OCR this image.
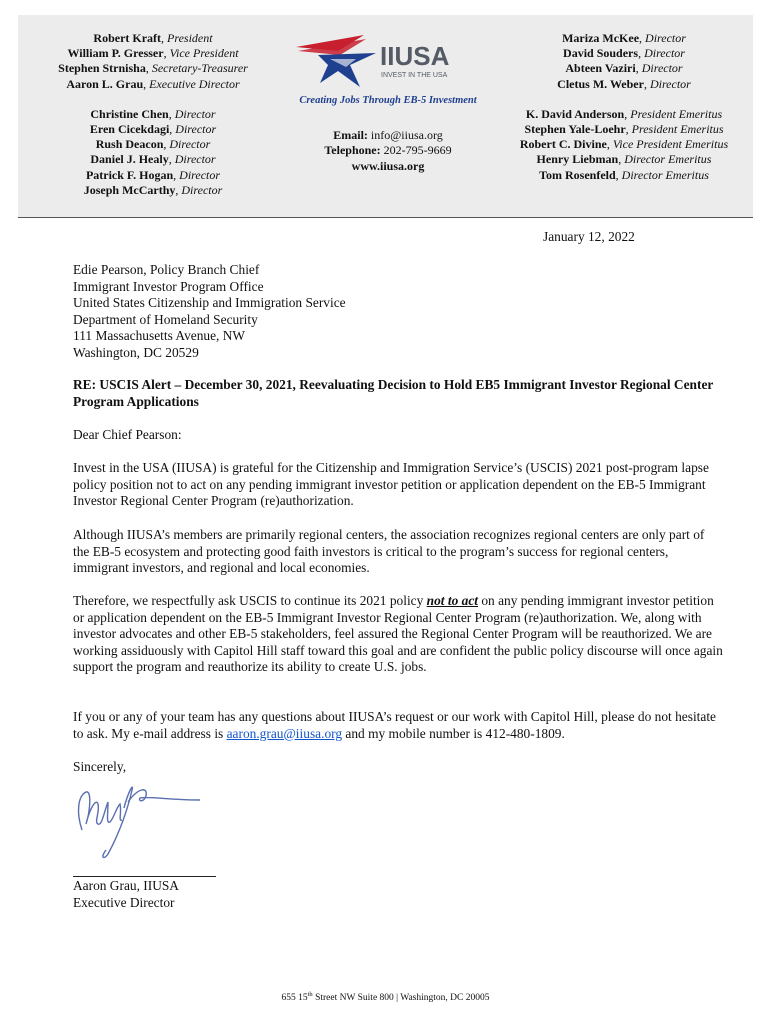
Robert Kraft, President
William P. Gresser, Vice President
Stephen Strnisha, Secretary-Treasurer
Aaron L. Grau, Executive Director
Christine Chen, Director
Eren Cicekdagi, Director
Rush Deacon, Director
Daniel J. Healy, Director
Patrick F. Hogan, Director
Joseph McCarthy, Director
IIUSA
INVEST IN THE USA
Creating Jobs Through EB-5 Investment
Email: info@iiusa.org
Telephone: 202-795-9669
www.iiusa.org
Mariza McKee, Director
David Souders, Director
Abteen Vaziri, Director
Cletus M. Weber, Director
K. David Anderson, President Emeritus
Stephen Yale-Loehr, President Emeritus
Robert C. Divine, Vice President Emeritus
Henry Liebman, Director Emeritus
Tom Rosenfeld, Director Emeritus
January 12, 2022
Edie Pearson, Policy Branch Chief
Immigrant Investor Program Office
United States Citizenship and Immigration Service
Department of Homeland Security
111 Massachusetts Avenue, NW
Washington, DC 20529
RE: USCIS Alert – December 30, 2021, Reevaluating Decision to Hold EB5 Immigrant Investor Regional Center Program Applications
Dear Chief Pearson:

Invest in the USA (IIUSA) is grateful for the Citizenship and Immigration Service’s (USCIS) 2021 post-program lapse policy position not to act on any pending immigrant investor petition or application dependent on the EB-5 Immigrant Investor Regional Center Program (re)authorization.

Although IIUSA’s members are primarily regional centers, the association recognizes regional centers are only part of the EB-5 ecosystem and protecting good faith investors is critical to the program’s success for regional centers, immigrant investors, and regional and local economies.

Therefore, we respectfully ask USCIS to continue its 2021 policy not to act on any pending immigrant investor petition or application dependent on the EB-5 Immigrant Investor Regional Center Program (re)authorization. We, along with investor advocates and other EB-5 stakeholders, feel assured the Regional Center Program will be reauthorized. We are working assiduously with Capitol Hill staff toward this goal and are confident the public policy discourse will once again support the program and reauthorize its ability to create U.S. jobs.

If you or any of your team has any questions about IIUSA’s request or our work with Capitol Hill, please do not hesitate to ask. My e-mail address is aaron.grau@iiusa.org and my mobile number is 412-480-1809.

Sincerely,
Aaron Grau, IIUSA
Executive Director
655 15th Street NW Suite 800 | Washington, DC 20005
